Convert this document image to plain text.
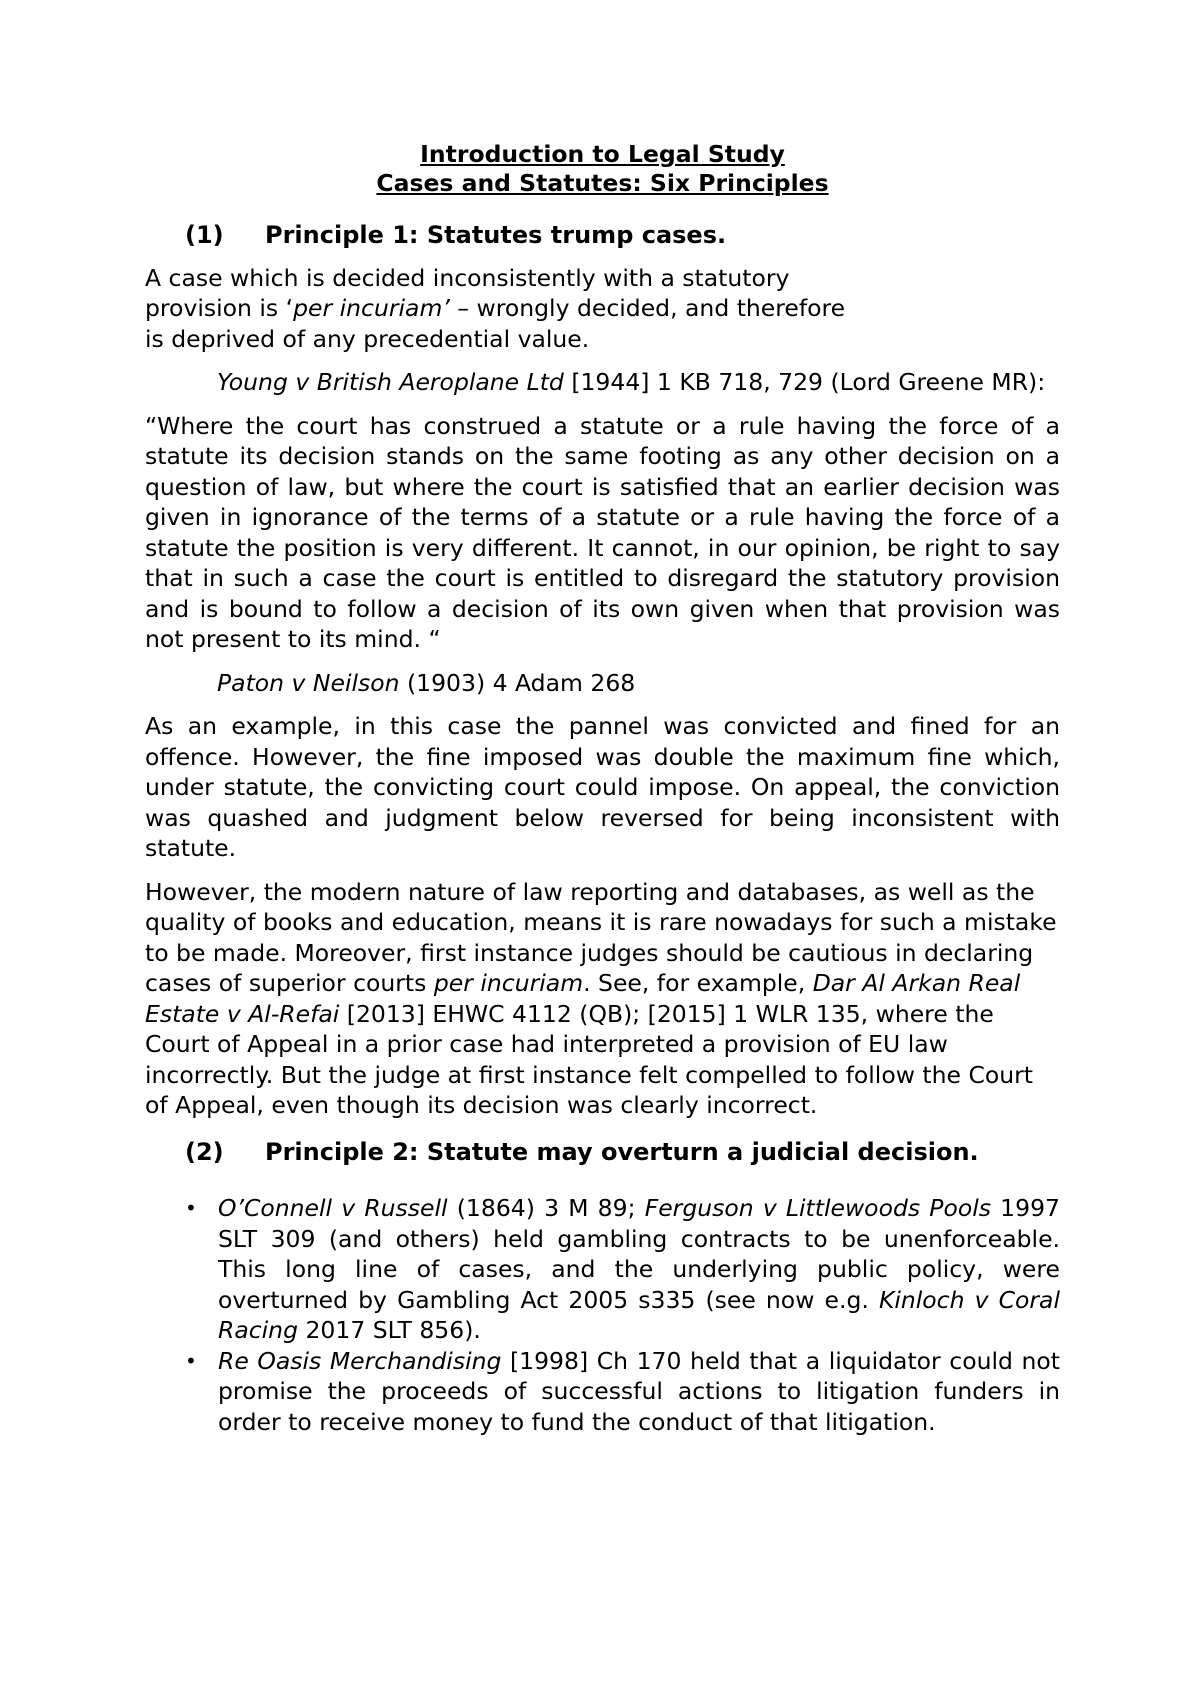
Introduction to Legal Study

Cases and Statutes: Six Principles

(1)	Principle 1: Statutes trump cases.

A case which is decided inconsistently with a statutory provision is ‘per incuriam’ – wrongly decided, and therefore is deprived of any precedential value.

Young v British Aeroplane Ltd [1944] 1 KB 718, 729 (Lord Greene MR):

“Where the court has construed a statute or a rule having the force of a statute its decision stands on the same footing as any other decision on a question of law, but where the court is satisfied that an earlier decision was given in ignorance of the terms of a statute or a rule having the force of a statute the position is very different. It cannot, in our opinion, be right to say that in such a case the court is entitled to disregard the statutory provision and is bound to follow a decision of its own given when that provision was not present to its mind. “

Paton v Neilson (1903) 4 Adam 268

As an example, in this case the pannel was convicted and fined for an offence. However, the fine imposed was double the maximum fine which, under statute, the convicting court could impose. On appeal, the conviction was quashed and judgment below reversed for being inconsistent with statute.

However, the modern nature of law reporting and databases, as well as the quality of books and education, means it is rare nowadays for such a mistake to be made. Moreover, first instance judges should be cautious in declaring cases of superior courts per incuriam. See, for example, Dar Al Arkan Real Estate v Al-Refai [2013] EHWC 4112 (QB); [2015] 1 WLR 135, where the Court of Appeal in a prior case had interpreted a provision of EU law incorrectly. But the judge at first instance felt compelled to follow the Court of Appeal, even though its decision was clearly incorrect.

(2)	Principle 2: Statute may overturn a judicial decision.
• O’Connell v Russell (1864) 3 M 89; Ferguson v Littlewoods Pools 1997 SLT 309 (and others) held gambling contracts to be unenforceable. This long line of cases, and the underlying public policy, were overturned by Gambling Act 2005 s335 (see now e.g. Kinloch v Coral Racing 2017 SLT 856).
• Re Oasis Merchandising [1998] Ch 170 held that a liquidator could not promise the proceeds of successful actions to litigation funders in order to receive money to fund the conduct of that litigation.
